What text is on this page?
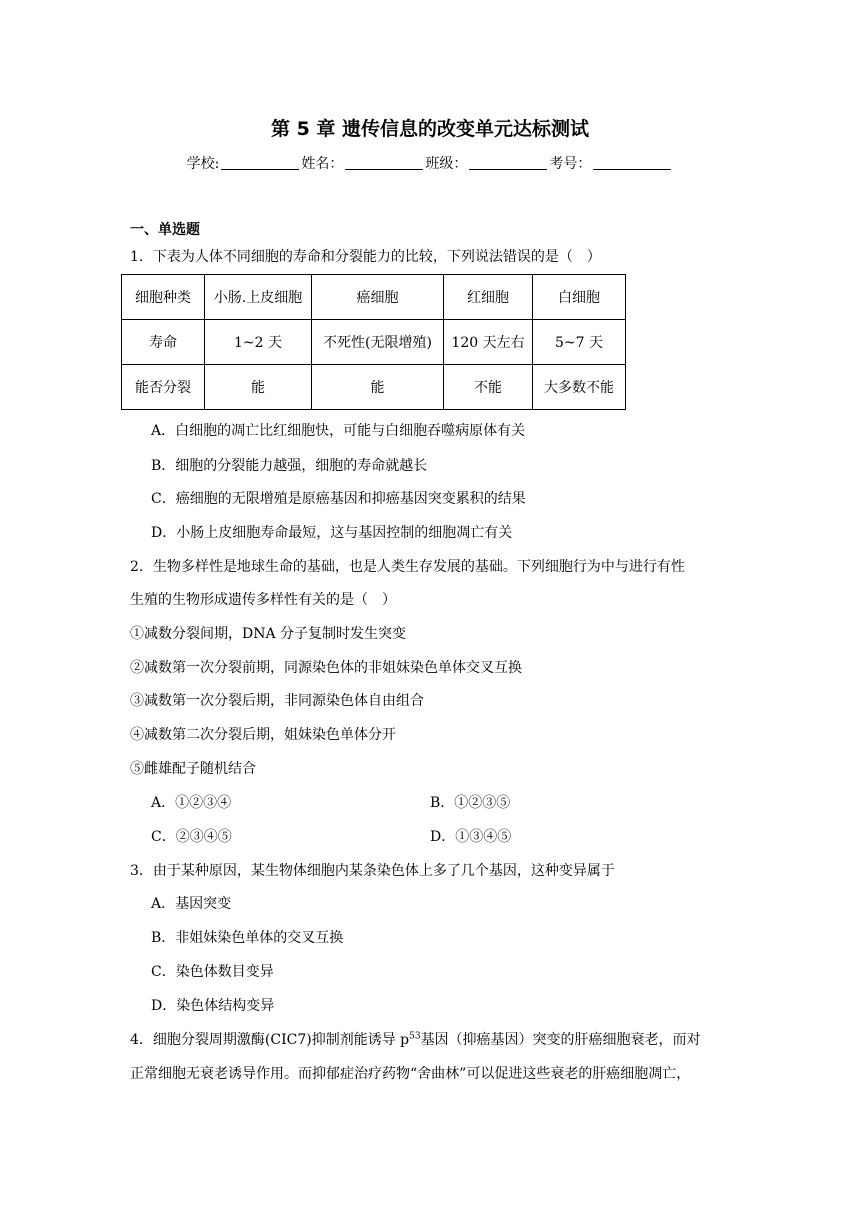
第 5 章 遗传信息的改变单元达标测试
学校:	姓名：	班级：	考号：
一、单选题
1．下表为人体不同细胞的寿命和分裂能力的比较，下列说法错误的是（　）
细胞种类	小肠.上皮细胞	癌细胞	红细胞	白细胞
寿命	1~2 天	不死性(无限增殖)	120 天左右	5~7 天
能否分裂	能	能	不能	大多数不能
A．白细胞的凋亡比红细胞快，可能与白细胞吞噬病原体有关
B．细胞的分裂能力越强，细胞的寿命就越长
C．癌细胞的无限增殖是原癌基因和抑癌基因突变累积的结果
D．小肠上皮细胞寿命最短，这与基因控制的细胞凋亡有关
2．生物多样性是地球生命的基础，也是人类生存发展的基础。下列细胞行为中与进行有性
生殖的生物形成遗传多样性有关的是（　）
①减数分裂间期，DNA 分子复制时发生突变
②减数第一次分裂前期，同源染色体的非姐妹染色单体交叉互换
③减数第一次分裂后期，非同源染色体自由组合
④减数第二次分裂后期，姐妹染色单体分开
⑤雌雄配子随机结合
A．①②③④	B．①②③⑤
C．②③④⑤	D．①③④⑤
3．由于某种原因，某生物体细胞内某条染色体上多了几个基因，这种变异属于
A．基因突变
B．非姐妹染色单体的交叉互换
C．染色体数目变异
D．染色体结构变异
4．细胞分裂周期激酶(CIC7)抑制剂能诱导 $p^{53}$基因（抑癌基因）突变的肝癌细胞衰老，而对
正常细胞无衰老诱导作用。而抑郁症治疗药物“舍曲林”可以促进这些衰老的肝癌细胞凋亡，
